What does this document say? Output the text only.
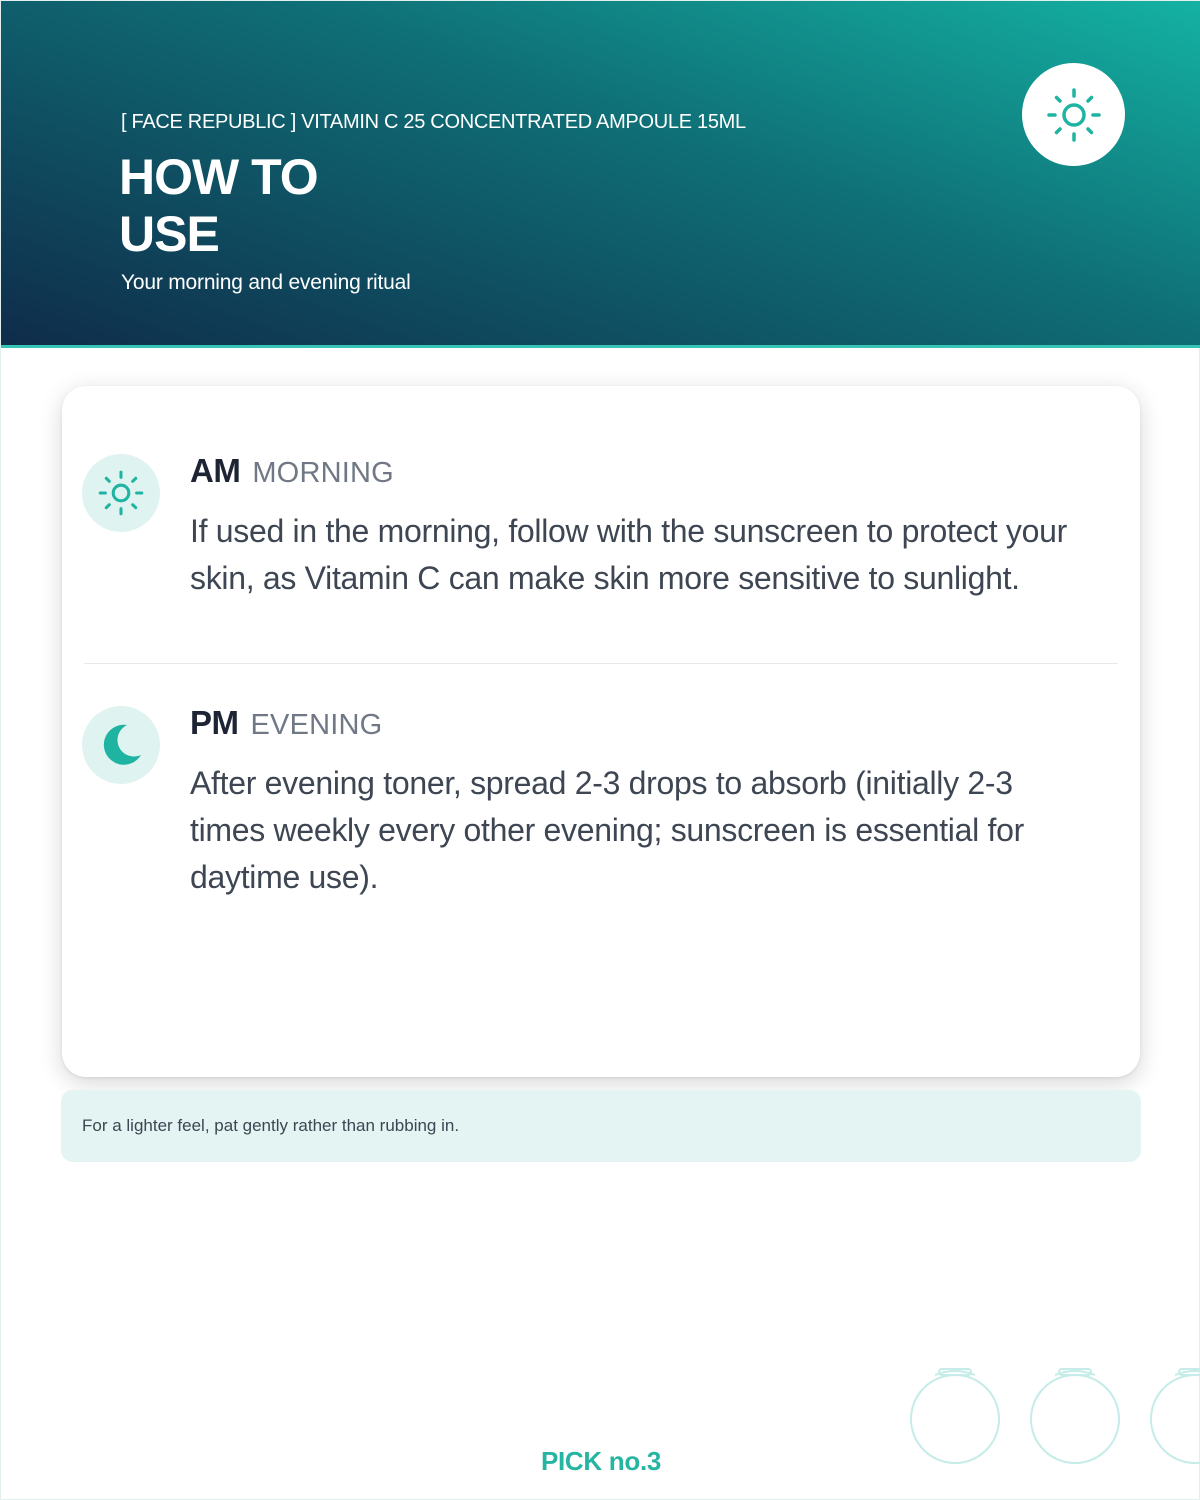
[ FACE REPUBLIC ] VITAMIN C 25 CONCENTRATED AMPOULE 15ML
HOW TO
USE
Your morning and evening ritual
AM MORNING
If used in the morning, follow with the sunscreen to protect your skin, as Vitamin C can make skin more sensitive to sunlight.
PM EVENING
After evening toner, spread 2-3 drops to absorb (initially 2-3 times weekly every other evening; sunscreen is essential for daytime use).
For a lighter feel, pat gently rather than rubbing in.
PICK no.3
